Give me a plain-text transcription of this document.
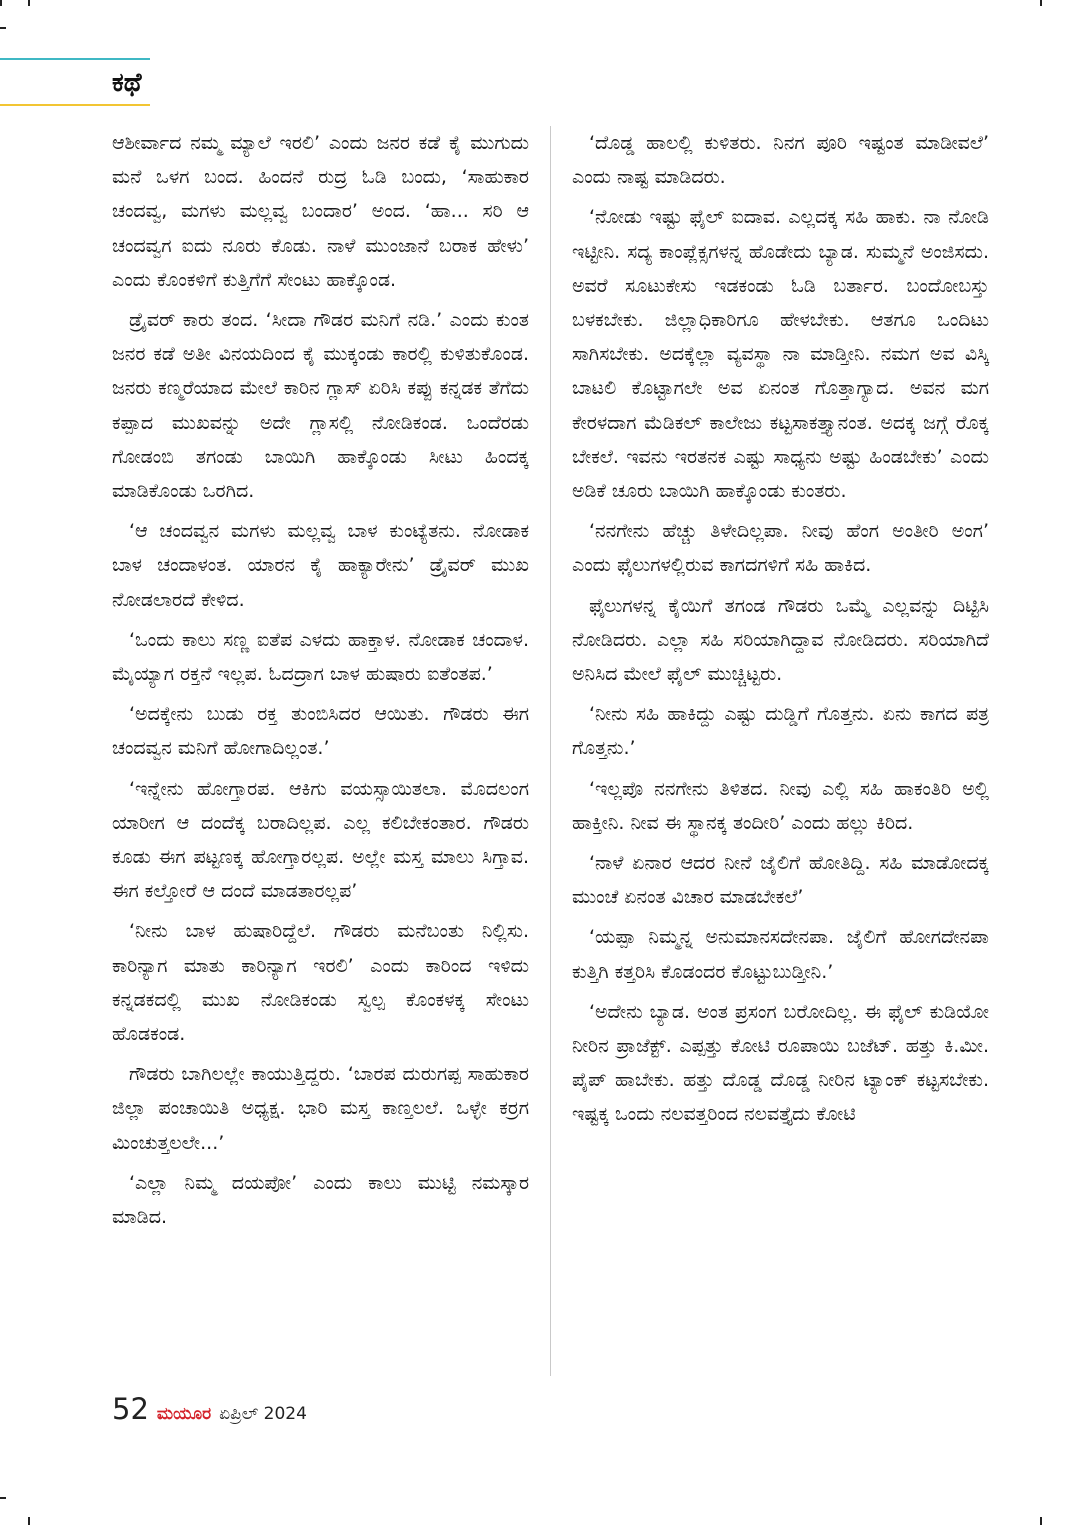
ಕಥೆ

ಆಶೀರ್ವಾದ ನಮ್ಮ ಮ್ಯಾಲೆ ಇರಲಿ’ ಎಂದು ಜನರ ಕಡೆ ಕೈ ಮುಗುದು ಮನೆ ಒಳಗ ಬಂದ. ಹಿಂದನೆ ರುದ್ರ ಓಡಿ ಬಂದು, ‘ಸಾಹುಕಾರ ಚಂದವ್ವ, ಮಗಳು ಮಲ್ಲವ್ವ ಬಂದಾರ’ ಅಂದ. ‘ಹಾ... ಸರಿ ಆ ಚಂದವ್ವಗ ಐದು ನೂರು ಕೊಡು. ನಾಳೆ ಮುಂಜಾನೆ ಬರಾಕ ಹೇಳು’ ಎಂದು ಕೊಂಕಳಿಗೆ ಕುತ್ತಿಗೆಗೆ ಸೇಂಟು ಹಾಕ್ಕೊಂಡ.

ಡ್ರೈವರ್ ಕಾರು ತಂದ. ‘ಸೀದಾ ಗೌಡರ ಮನಿಗೆ ನಡಿ.’ ಎಂದು ಕುಂತ ಜನರ ಕಡೆ ಅತೀ ವಿನಯದಿಂದ ಕೈ ಮುಕ್ಕಂಡು ಕಾರಲ್ಲಿ ಕುಳಿತುಕೊಂಡ. ಜನರು ಕಣ್ಮರೆಯಾದ ಮೇಲೆ ಕಾರಿನ ಗ್ಲಾಸ್ ಏರಿಸಿ ಕಪ್ಪು ಕನ್ನಡಕ ತೆಗೆದು ಕಪ್ಪಾದ ಮುಖವನ್ನು ಅದೇ ಗ್ಲಾಸಲ್ಲಿ ನೋಡಿಕಂಡ. ಒಂದೆರಡು ಗೋಡಂಬಿ ತಗಂಡು ಬಾಯಿಗಿ ಹಾಕ್ಕೊಂಡು ಸೀಟು ಹಿಂದಕ್ಕ ಮಾಡಿಕೊಂಡು ಒರಗಿದ.

‘ಆ ಚಂದವ್ವನ ಮಗಳು ಮಲ್ಲವ್ವ ಬಾಳ ಕುಂಟ್ಯೆತನು. ನೋಡಾಕ ಬಾಳ ಚಂದಾಳಂತ. ಯಾರನ ಕೈ ಹಾಕ್ಯಾರೇನು’ ಡ್ರೈವರ್ ಮುಖ ನೋಡಲಾರದೆ ಕೇಳಿದ.

‘ಒಂದು ಕಾಲು ಸಣ್ಣ ಐತೆಪ ಎಳದು ಹಾಕ್ತಾಳ. ನೋಡಾಕ ಚಂದಾಳ. ಮೈಯ್ಯಾಗ ರಕ್ತನೆ ಇಲ್ಲಪ. ಓದದ್ರಾಗ ಬಾಳ ಹುಷಾರು ಐತೆಂತಪ.’

‘ಅದಕ್ಕೇನು ಬುಡು ರಕ್ತ ತುಂಬಿಸಿದರ ಆಯಿತು. ಗೌಡರು ಈಗ ಚಂದವ್ವನ ಮನಿಗೆ ಹೋಗಾದಿಲ್ಲಂತ.’

‘ಇನ್ನೇನು ಹೋಗ್ತಾರಪ. ಆಕಿಗು ವಯಸ್ಸಾಯಿತಲಾ. ಮೊದಲಂಗ ಯಾರೀಗ ಆ ದಂದೆಕ್ಕ ಬರಾದಿಲ್ಲಪ. ಎಲ್ಲ ಕಲಿಬೇಕಂತಾರ. ಗೌಡರು ಕೂಡು ಈಗ ಪಟ್ಟಣಕ್ಕ ಹೋಗ್ತಾರಲ್ಲಪ. ಅಲ್ಲೇ ಮಸ್ತ ಮಾಲು ಸಿಗ್ತಾವ. ಈಗ ಕಲ್ತೋರೆ ಆ ದಂದೆ ಮಾಡತಾರಲ್ಲಪ’

‘ನೀನು ಬಾಳ ಹುಷಾರಿದ್ದೆಲೆ. ಗೌಡರು ಮನೆಬಂತು ನಿಲ್ಲಿಸು. ಕಾರಿನ್ಯಾಗ ಮಾತು ಕಾರಿನ್ಯಾಗ ಇರಲಿ’ ಎಂದು ಕಾರಿಂದ ಇಳಿದು ಕನ್ನಡಕದಲ್ಲಿ ಮುಖ ನೋಡಿಕಂಡು ಸ್ವಲ್ಪ ಕೊಂಕಳಕ್ಕ ಸೇಂಟು ಹೊಡಕಂಡ.

ಗೌಡರು ಬಾಗಿಲಲ್ಲೇ ಕಾಯುತ್ತಿದ್ದರು. ‘ಬಾರಪ ದುರುಗಪ್ಪ ಸಾಹುಕಾರ ಜಿಲ್ಲಾ ಪಂಚಾಯಿತಿ ಅಧ್ಯಕ್ಷ. ಭಾರಿ ಮಸ್ತ ಕಾಣ್ತಲಲೆ. ಒಳ್ಳೇ ಕರ್ರಗ ಮಿಂಚುತ್ತಲಲೇ...’

‘ಎಲ್ಲಾ ನಿಮ್ಮ ದಯಪೋ’ ಎಂದು ಕಾಲು ಮುಟ್ಟಿ ನಮಸ್ಕಾರ ಮಾಡಿದ.

‘ದೊಡ್ಡ ಹಾಲಲ್ಲಿ ಕುಳಿತರು. ನಿನಗ ಪೂರಿ ಇಷ್ಟಂತ ಮಾಡೀವಲೆ’ ಎಂದು ನಾಷ್ಟ ಮಾಡಿದರು.

‘ನೋಡು ಇಷ್ಟು ಫೈಲ್ ಐದಾವ. ಎಲ್ಲದಕ್ಕ ಸಹಿ ಹಾಕು. ನಾ ನೋಡಿ ಇಟ್ಟೀನಿ. ಸದ್ಯ ಕಾಂಪ್ಲೆಕ್ಸಗಳನ್ನ ಹೊಡೇದು ಬ್ಯಾಡ. ಸುಮ್ಮನೆ ಅಂಜಿಸದು. ಅವರೆ ಸೂಟುಕೇಸು ಇಡಕಂಡು ಓಡಿ ಬರ್ತಾರ. ಬಂದೋಬಸ್ತು ಬಳಕಬೇಕು. ಜಿಲ್ಲಾಧಿಕಾರಿಗೂ ಹೇಳಬೇಕು. ಆತಗೂ ಒಂದಿಟು ಸಾಗಿಸಬೇಕು. ಅದಕ್ಕೆಲ್ಲಾ ವ್ಯವಸ್ಥಾ ನಾ ಮಾಡ್ತೀನಿ. ನಮಗ ಅವ ವಿಸ್ಕಿ ಬಾಟಲಿ ಕೊಟ್ಟಾಗಲೇ ಅವ ಏನಂತ ಗೊತ್ತಾಗ್ಯಾದ. ಅವನ ಮಗ ಕೇರಳದಾಗ ಮೆಡಿಕಲ್ ಕಾಲೇಜು ಕಟ್ಟಸಾಕತ್ತ್ಯಾನಂತ. ಅದಕ್ಕ ಜಗ್ಗೆ ರೊಕ್ಕ ಬೇಕಲೆ. ಇವನು ಇರತನಕ ಎಷ್ಟು ಸಾಧ್ಯನು ಅಷ್ಟು ಹಿಂಡಬೇಕು’ ಎಂದು ಅಡಿಕೆ ಚೂರು ಬಾಯಿಗಿ ಹಾಕ್ಕೊಂಡು ಕುಂತರು.

‘ನನಗೇನು ಹೆಚ್ಚು ತಿಳೇದಿಲ್ಲಪಾ. ನೀವು ಹೆಂಗ ಅಂತೀರಿ ಅಂಗ’ ಎಂದು ಫೈಲುಗಳಲ್ಲಿರುವ ಕಾಗದಗಳಿಗೆ ಸಹಿ ಹಾಕಿದ.

ಫೈಲುಗಳನ್ನ ಕೈಯಿಗೆ ತಗಂಡ ಗೌಡರು ಒಮ್ಮೆ ಎಲ್ಲವನ್ನು ದಿಟ್ಟಿಸಿ ನೋಡಿದರು. ಎಲ್ಲಾ ಸಹಿ ಸರಿಯಾಗಿದ್ದಾವ ನೋಡಿದರು. ಸರಿಯಾಗಿದೆ ಅನಿಸಿದ ಮೇಲೆ ಫೈಲ್ ಮುಚ್ಚಿಟ್ಟರು.

‘ನೀನು ಸಹಿ ಹಾಕಿದ್ದು ಎಷ್ಟು ದುಡ್ಡಿಗೆ ಗೊತ್ತನು. ಏನು ಕಾಗದ ಪತ್ರ ಗೊತ್ತನು.’

‘ಇಲ್ಲಪೊ ನನಗೇನು ತಿಳಿತದ. ನೀವು ಎಲ್ಲಿ ಸಹಿ ಹಾಕಂತಿರಿ ಅಲ್ಲಿ ಹಾಕ್ತೀನಿ. ನೀವ ಈ ಸ್ಥಾನಕ್ಕ ತಂದೀರಿ’ ಎಂದು ಹಲ್ಲು ಕಿರಿದ.

‘ನಾಳೆ ಏನಾರ ಆದರ ನೀನೆ ಜೈಲಿಗೆ ಹೋತಿದ್ದಿ. ಸಹಿ ಮಾಡೋದಕ್ಕ ಮುಂಚೆ ಏನಂತ ವಿಚಾರ ಮಾಡಬೇಕಲೆ’

‘ಯಪ್ಪಾ ನಿಮ್ಮನ್ನ ಅನುಮಾನಸದೇನಪಾ. ಜೈಲಿಗೆ ಹೋಗದೇನಪಾ ಕುತ್ತಿಗಿ ಕತ್ತರಿಸಿ ಕೊಡಂದರ ಕೊಟ್ಟುಬುಡ್ತೀನಿ.’

‘ಅದೇನು ಬ್ಯಾಡ. ಅಂತ ಪ್ರಸಂಗ ಬರೋದಿಲ್ಲ. ಈ ಫೈಲ್ ಕುಡಿಯೋ ನೀರಿನ ಪ್ರಾಜೆಕ್ಟ್. ಎಪ್ಪತ್ತು ಕೋಟಿ ರೂಪಾಯಿ ಬಜೆಟ್. ಹತ್ತು ಕಿ.ಮೀ. ಪೈಪ್ ಹಾಬೇಕು. ಹತ್ತು ದೊಡ್ಡ ದೊಡ್ಡ ನೀರಿನ ಟ್ಯಾಂಕ್ ಕಟ್ಟಸಬೇಕು. ಇಷ್ಟಕ್ಕ ಒಂದು ನಲವತ್ತರಿಂದ ನಲವತ್ತೈದು ಕೋಟಿ

52 ಮಯೂರ ಏಪ್ರಿಲ್ 2024
